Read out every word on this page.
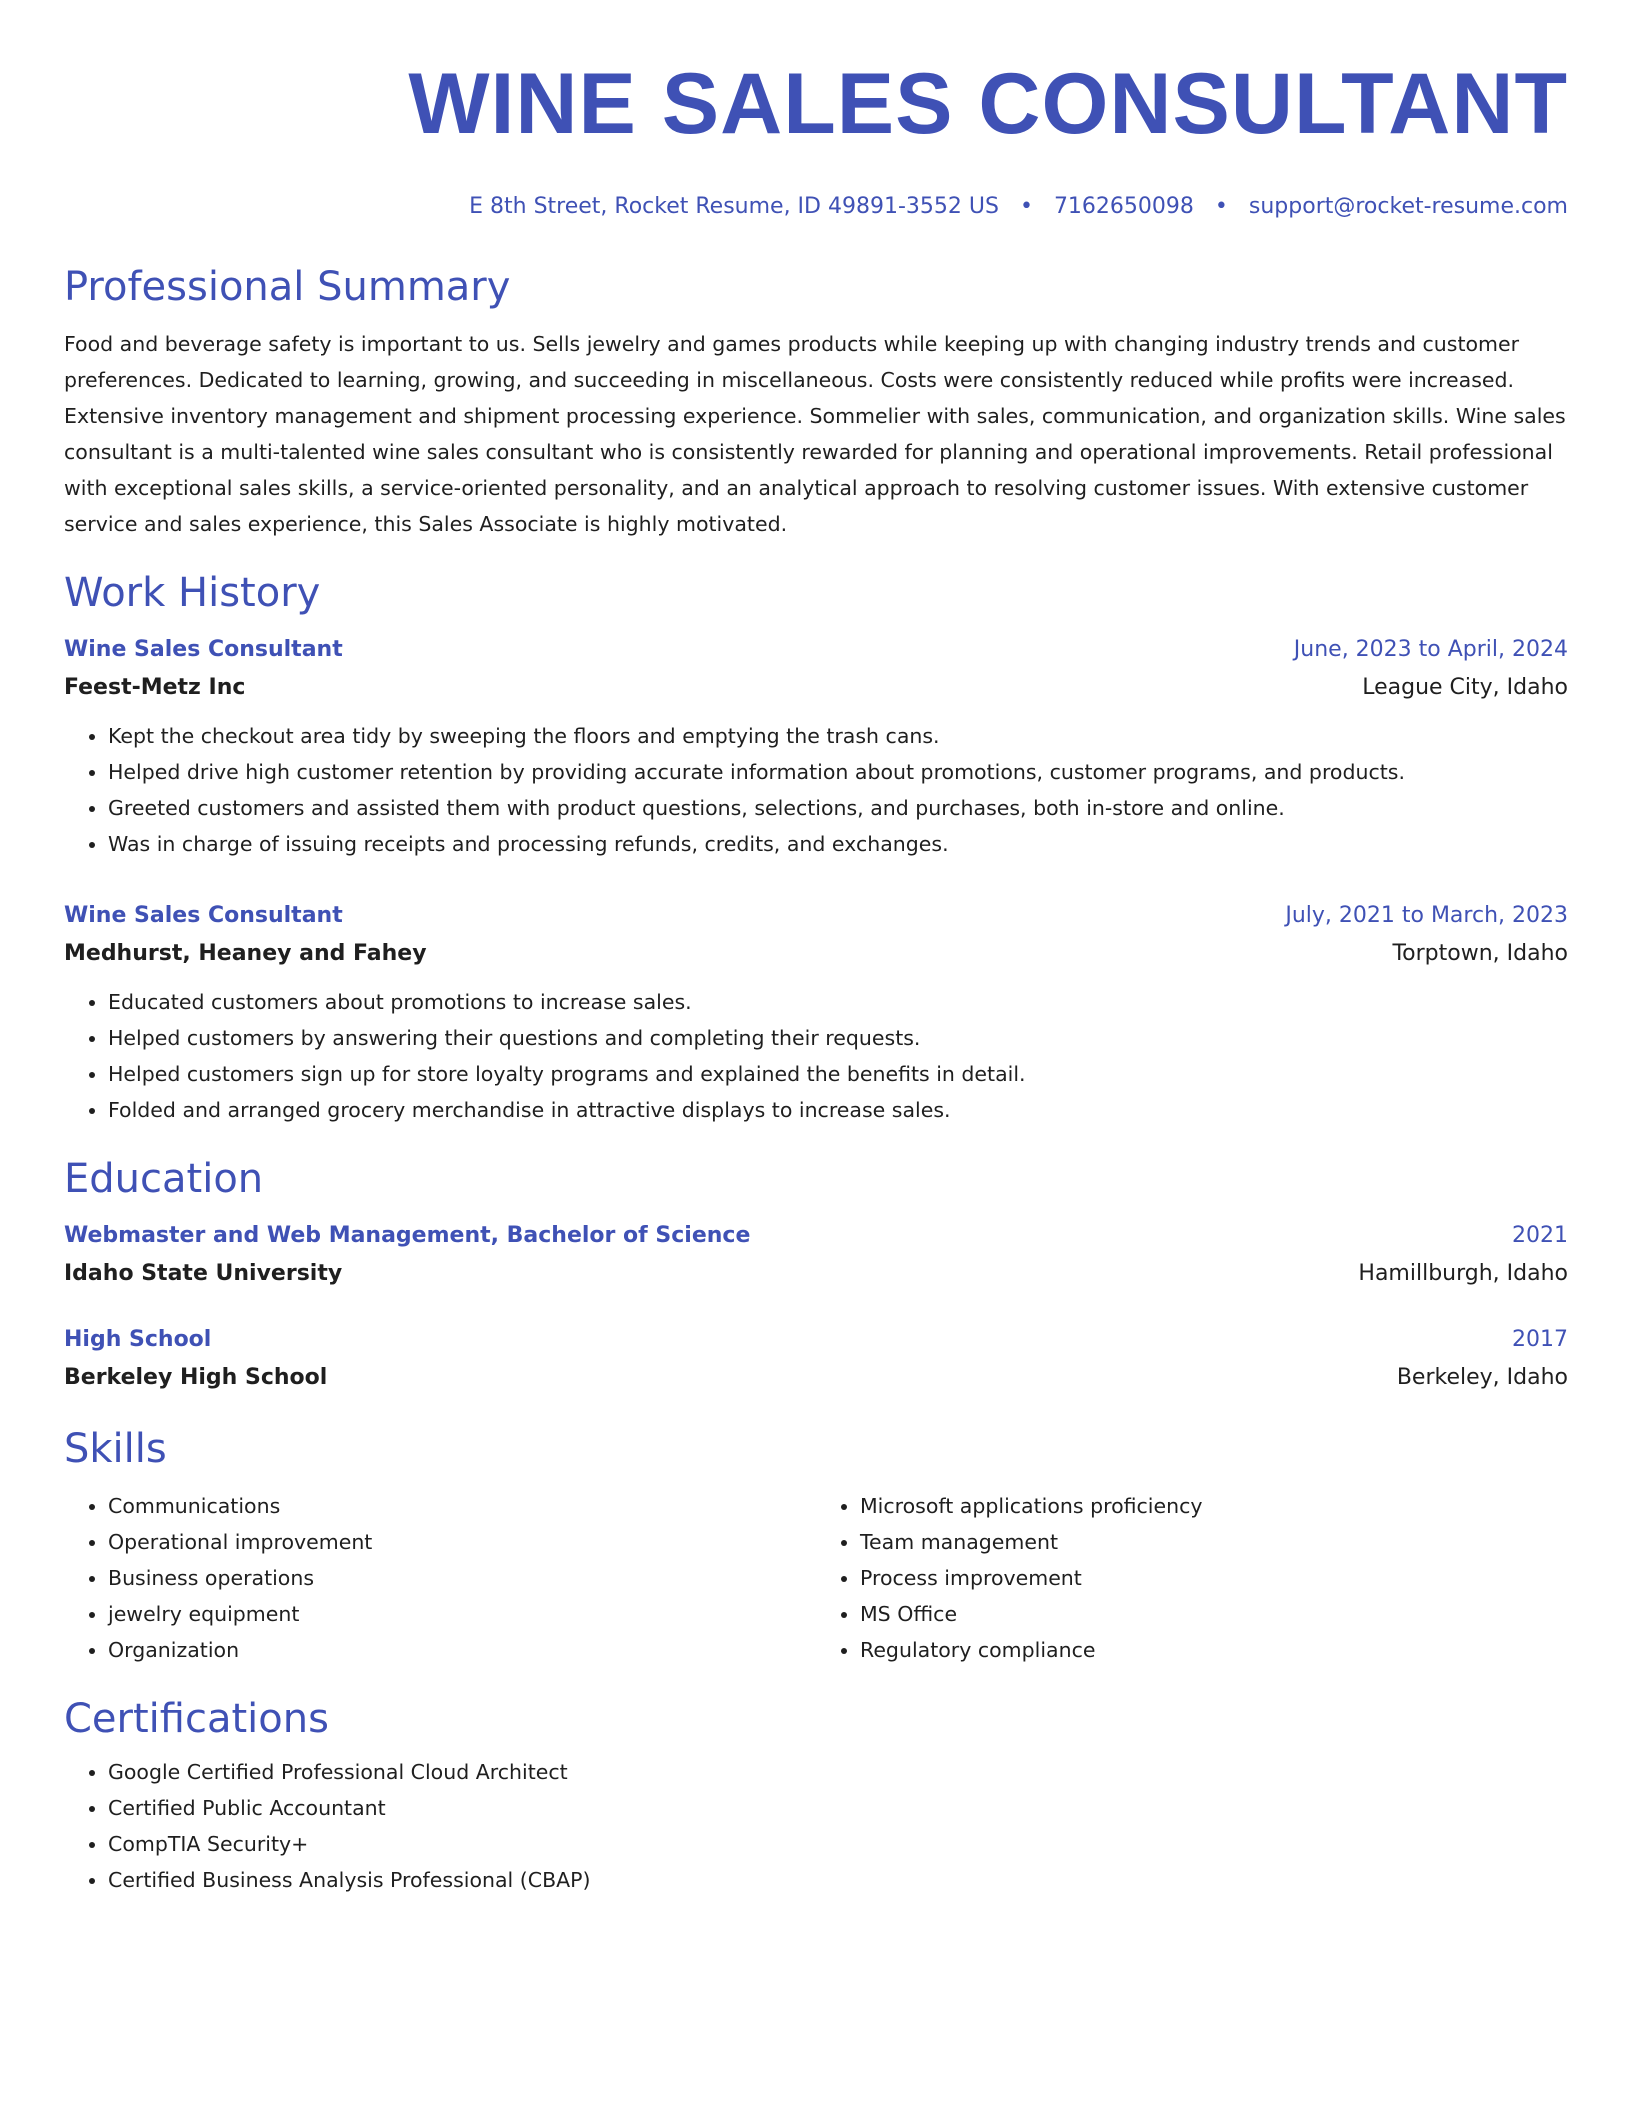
WINE SALES CONSULTANT
E 8th Street, Rocket Resume, ID 49891-3552 US • 7162650098 • support@rocket-resume.com
Professional Summary
Food and beverage safety is important to us. Sells jewelry and games products while keeping up with changing industry trends and customer preferences. Dedicated to learning, growing, and succeeding in miscellaneous. Costs were consistently reduced while profits were increased. Extensive inventory management and shipment processing experience. Sommelier with sales, communication, and organization skills. Wine sales consultant is a multi-talented wine sales consultant who is consistently rewarded for planning and operational improvements. Retail professional with exceptional sales skills, a service-oriented personality, and an analytical approach to resolving customer issues. With extensive customer service and sales experience, this Sales Associate is highly motivated.
Work History
Wine Sales Consultant	June, 2023 to April, 2024
Feest-Metz Inc	League City, Idaho
• Kept the checkout area tidy by sweeping the floors and emptying the trash cans.
• Helped drive high customer retention by providing accurate information about promotions, customer programs, and products.
• Greeted customers and assisted them with product questions, selections, and purchases, both in-store and online.
• Was in charge of issuing receipts and processing refunds, credits, and exchanges.
Wine Sales Consultant	July, 2021 to March, 2023
Medhurst, Heaney and Fahey	Torptown, Idaho
• Educated customers about promotions to increase sales.
• Helped customers by answering their questions and completing their requests.
• Helped customers sign up for store loyalty programs and explained the benefits in detail.
• Folded and arranged grocery merchandise in attractive displays to increase sales.
Education
Webmaster and Web Management, Bachelor of Science	2021
Idaho State University	Hamillburgh, Idaho
High School	2017
Berkeley High School	Berkeley, Idaho
Skills
• Communications
• Operational improvement
• Business operations
• jewelry equipment
• Organization
• Microsoft applications proficiency
• Team management
• Process improvement
• MS Office
• Regulatory compliance
Certifications
• Google Certified Professional Cloud Architect
• Certified Public Accountant
• CompTIA Security+
• Certified Business Analysis Professional (CBAP)
